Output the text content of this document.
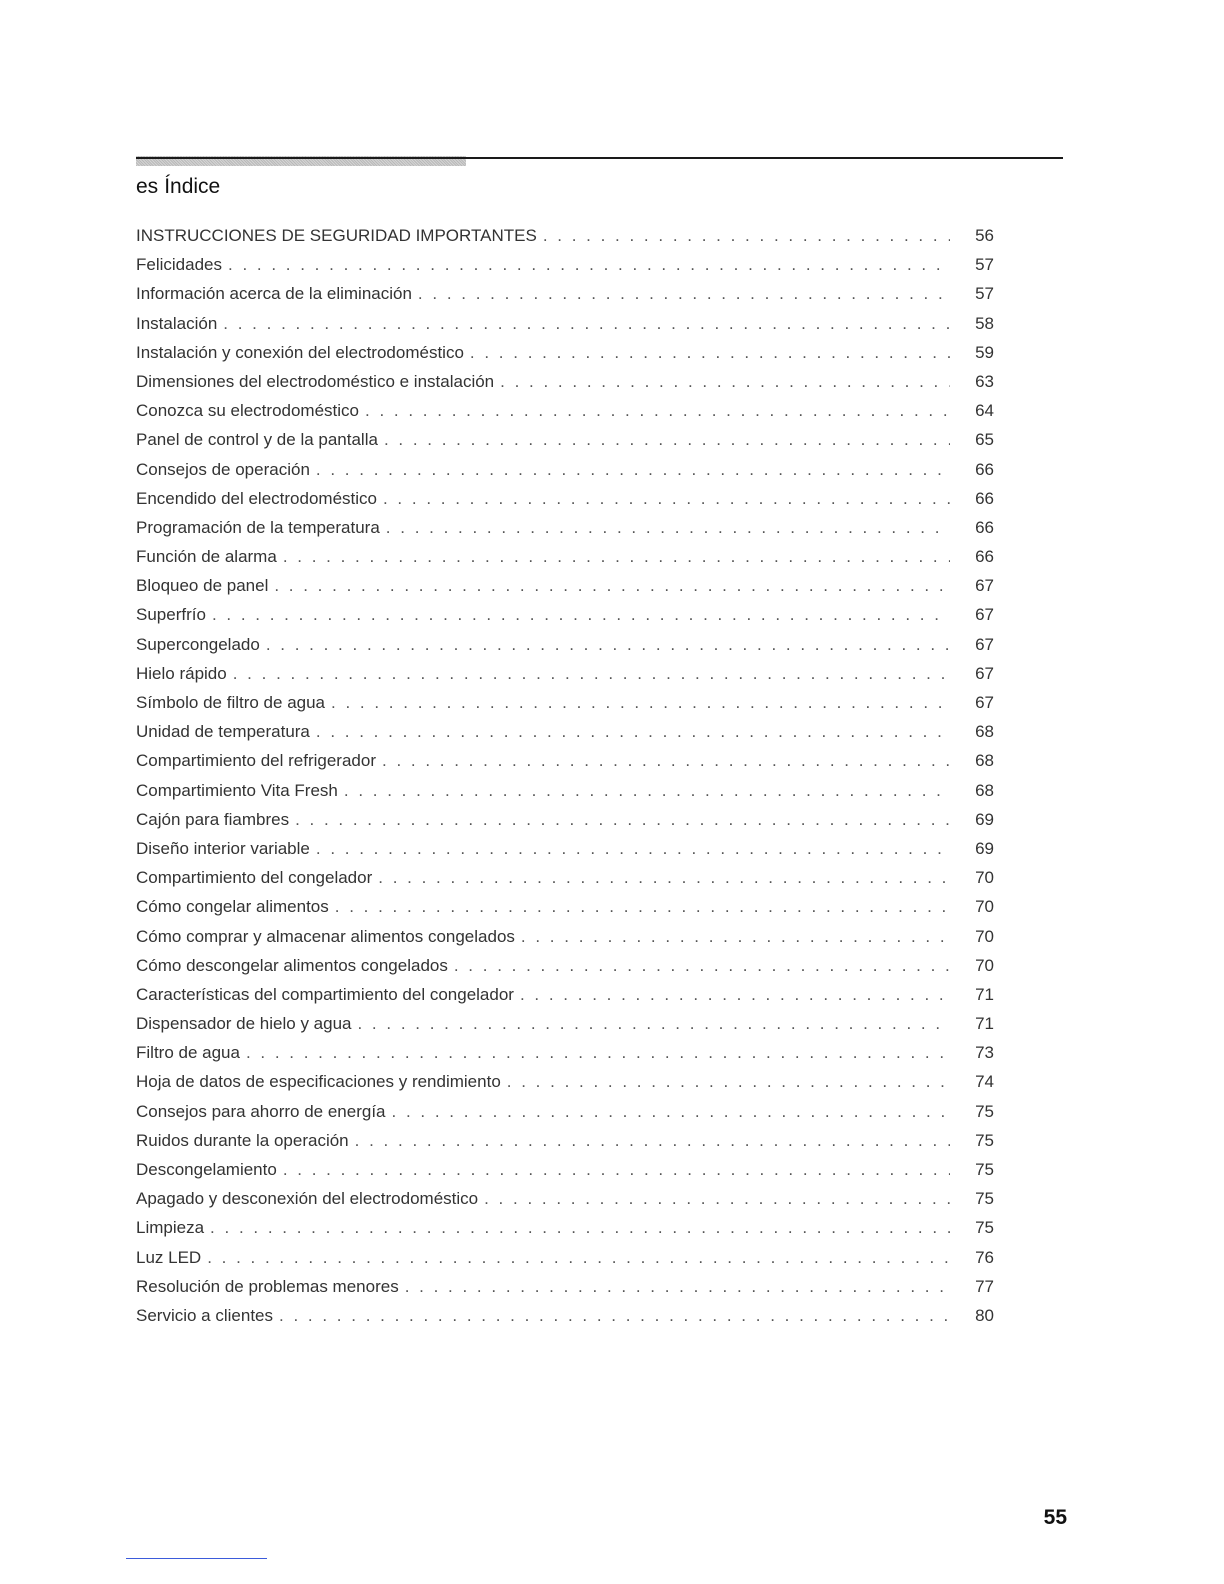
es Índice
INSTRUCCIONES DE SEGURIDAD IMPORTANTES . . .	56
Felicidades . . .	57
Información acerca de la eliminación . . .	57
Instalación . . .	58
Instalación y conexión del electrodoméstico . . .	59
Dimensiones del electrodoméstico e instalación . . .	63
Conozca su electrodoméstico . . .	64
Panel de control y de la pantalla . . .	65
Consejos de operación . . .	66
Encendido del electrodoméstico . . .	66
Programación de la temperatura . . .	66
Función de alarma . . .	66
Bloqueo de panel . . .	67
Superfrío . . .	67
Supercongelado . . .	67
Hielo rápido . . .	67
Símbolo de filtro de agua . . .	67
Unidad de temperatura . . .	68
Compartimiento del refrigerador . . .	68
Compartimiento Vita Fresh . . .	68
Cajón para fiambres . . .	69
Diseño interior variable . . .	69
Compartimiento del congelador . . .	70
Cómo congelar alimentos . . .	70
Cómo comprar y almacenar alimentos congelados . . .	70
Cómo descongelar alimentos congelados . . .	70
Características del compartimiento del congelador . . .	71
Dispensador de hielo y agua . . .	71
Filtro de agua . . .	73
Hoja de datos de especificaciones y rendimiento . . .	74
Consejos para ahorro de energía . . .	75
Ruidos durante la operación . . .	75
Descongelamiento . . .	75
Apagado y desconexión del electrodoméstico . . .	75
Limpieza . . .	75
Luz LED . . .	76
Resolución de problemas menores . . .	77
Servicio a clientes . . .	80
55
